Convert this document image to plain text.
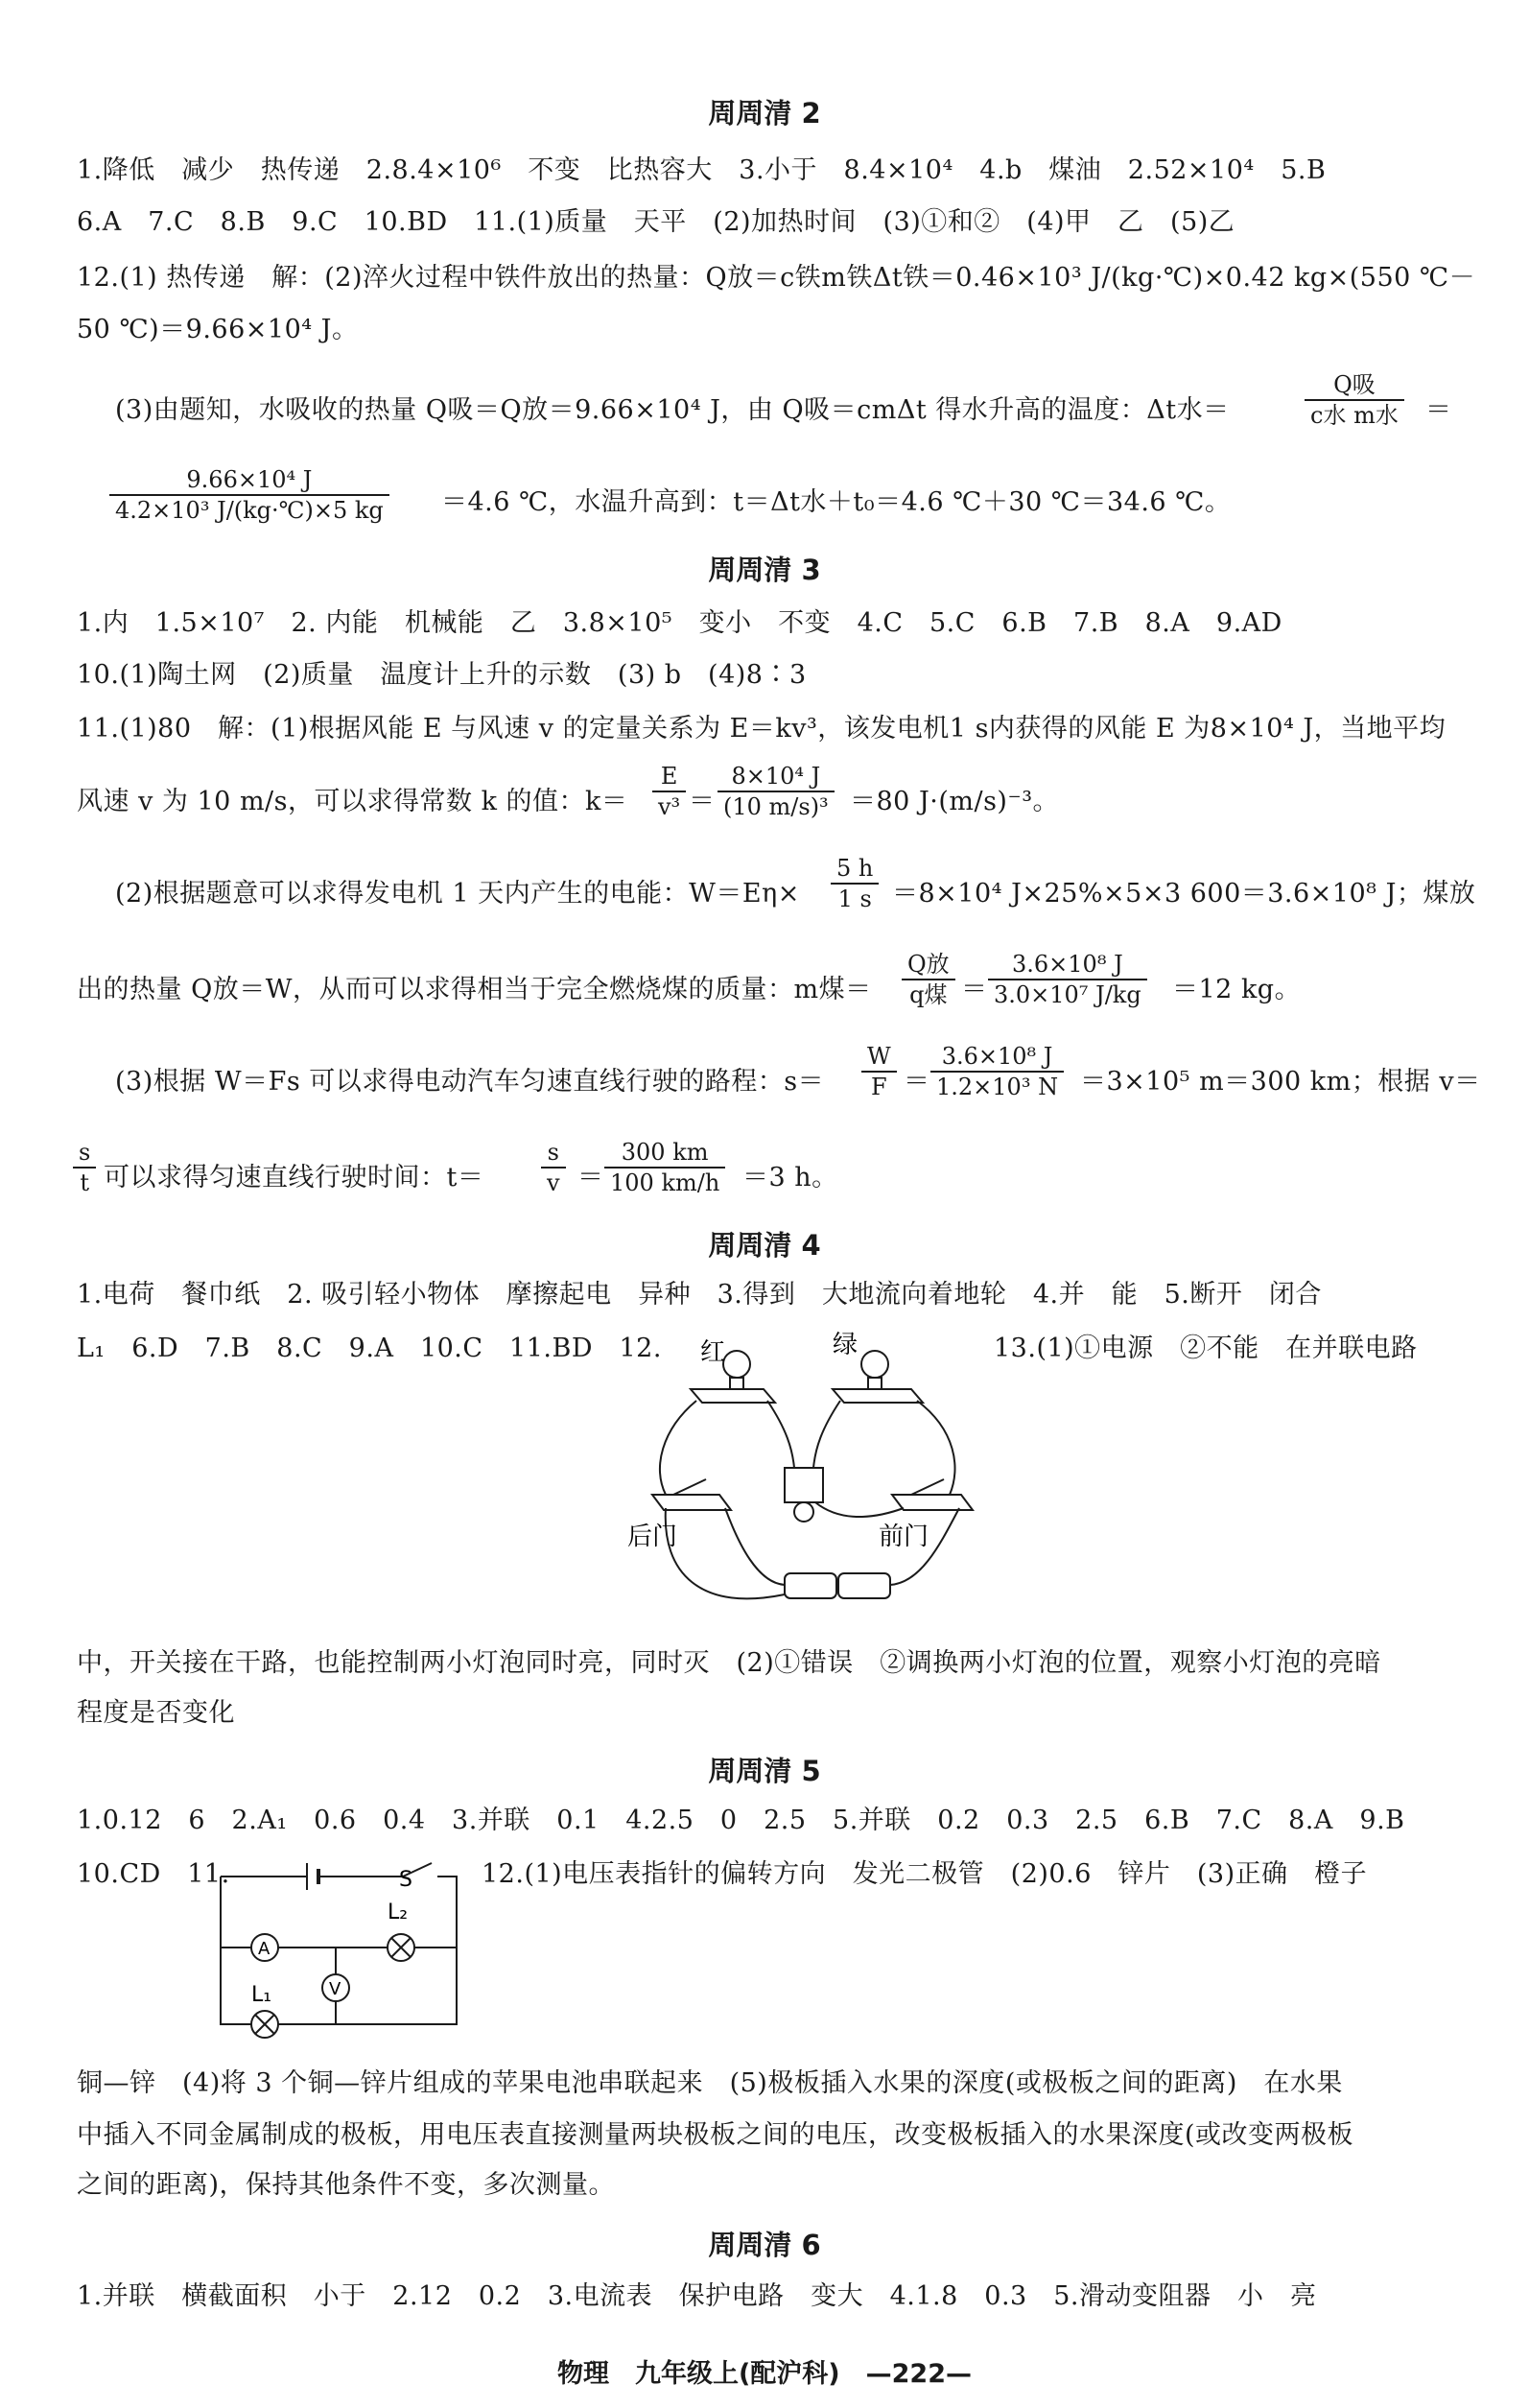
周周清 2
1.降低　减少　热传递　2.8.4×10⁶　不变　比热容大　3.小于　8.4×10⁴　4.b　煤油　2.52×10⁴　5.B
6.A　7.C　8.B　9.C　10.BD　11.(1)质量　天平　(2)加热时间　(3)①和②　(4)甲　乙　(5)乙
12.(1) 热传递　解：(2)淬火过程中铁件放出的热量：Q放＝c铁m铁Δt铁＝0.46×10³ J/(kg·℃)×0.42 kg×(550 ℃－
50 ℃)＝9.66×10⁴ J。
(3)由题知，水吸收的热量 Q吸＝Q放＝9.66×10⁴ J，由 Q吸＝cmΔt 得水升高的温度：Δt水＝
Q吸
c水 m水 ＝
$\frac{\text{9.66×10⁴ J}}{\text{4.2×10³ J/(kg·℃)×5 kg}} =4.6$ ℃，水温升高到：t＝Δt水＋t₀＝4.6 ℃＋30 ℃＝34.6 ℃。
周周清 3
1.内　1.5×10⁷　2. 内能　机械能　乙　3.8×10⁵　变小　不变　4.C　5.C　6.B　7.B　8.A　9.AD
10.(1)陶土网　(2)质量　温度计上升的示数　(3) b　(4)8∶3
11.(1)80　解：(1)根据风能 E 与风速 v 的定量关系为 E＝kv³，该发电机1 s内获得的风能 E 为8×10⁴ J，当地平均
风速 v 为 10 m/s，可以求得常数 k 的值：$k= \frac{E}{\text{v³}} = \frac{\text{8×10⁴ J}}{\text{(10 m/s)³}} =80$ J·(m/s)⁻³。
(2)根据题意可以求得发电机 1 天内产生的电能：$W=E\eta\times \frac{5 h}{1 s} =8\times 10^4$ J×25%×5×3 600＝3.6×10⁸ J；煤放
出的热量 Q放＝W，从而可以求得相当于完全燃烧煤的质量：m煤＝
Q放
q煤 ＝ $\frac{\text{3.6×10⁸ J}}{\text{3.0×10⁷ J/kg}} =12$ kg。
(3)根据 W＝Fs 可以求得电动汽车匀速直线行驶的路程：$s= \frac{W}{F} = \frac{\text{3.6×10⁸ J}}{\text{1.2×10³ N}} =3\times 10^5$ m＝300 km；根据 v＝
$\frac{s}{t}$ 可以求得匀速直线行驶时间：$t= \frac{s}{v} = \frac{300 km}{100 km/h} =3$ h。
周周清 4
1.电荷　餐巾纸　2. 吸引轻小物体　摩擦起电　异种　3.得到　大地流向着地轮　4.并　能　5.断开　闭合
L₁　6.D　7.B　8.C　9.A　10.C　11.BD　12.	13.(1)①电源　②不能　在并联电路
红	绿
后门	前门
中，开关接在干路，也能控制两小灯泡同时亮，同时灭　(2)①错误　②调换两小灯泡的位置，观察小灯泡的亮暗
程度是否变化
周周清 5
1.0.12　6　2.A₁　0.6　0.4　3.并联　0.1　4.2.5　0　2.5　5.并联　0.2　0.3　2.5　6.B　7.C　8.A　9.B
10.CD　11.	12.(1)电压表指针的偏转方向　发光二极管　(2)0.6　锌片　(3)正确　橙子
S
L₂
L₁
A
V
铜—锌　(4)将 3 个铜—锌片组成的苹果电池串联起来　(5)极板插入水果的深度(或极板之间的距离)　在水果
中插入不同金属制成的极板，用电压表直接测量两块极板之间的电压，改变极板插入的水果深度(或改变两极板
之间的距离)，保持其他条件不变，多次测量。
周周清 6
1.并联　横截面积　小于　2.12　0.2　3.电流表　保护电路　变大　4.1.8　0.3　5.滑动变阻器　小　亮
物理　九年级上(配沪科)　—222—
